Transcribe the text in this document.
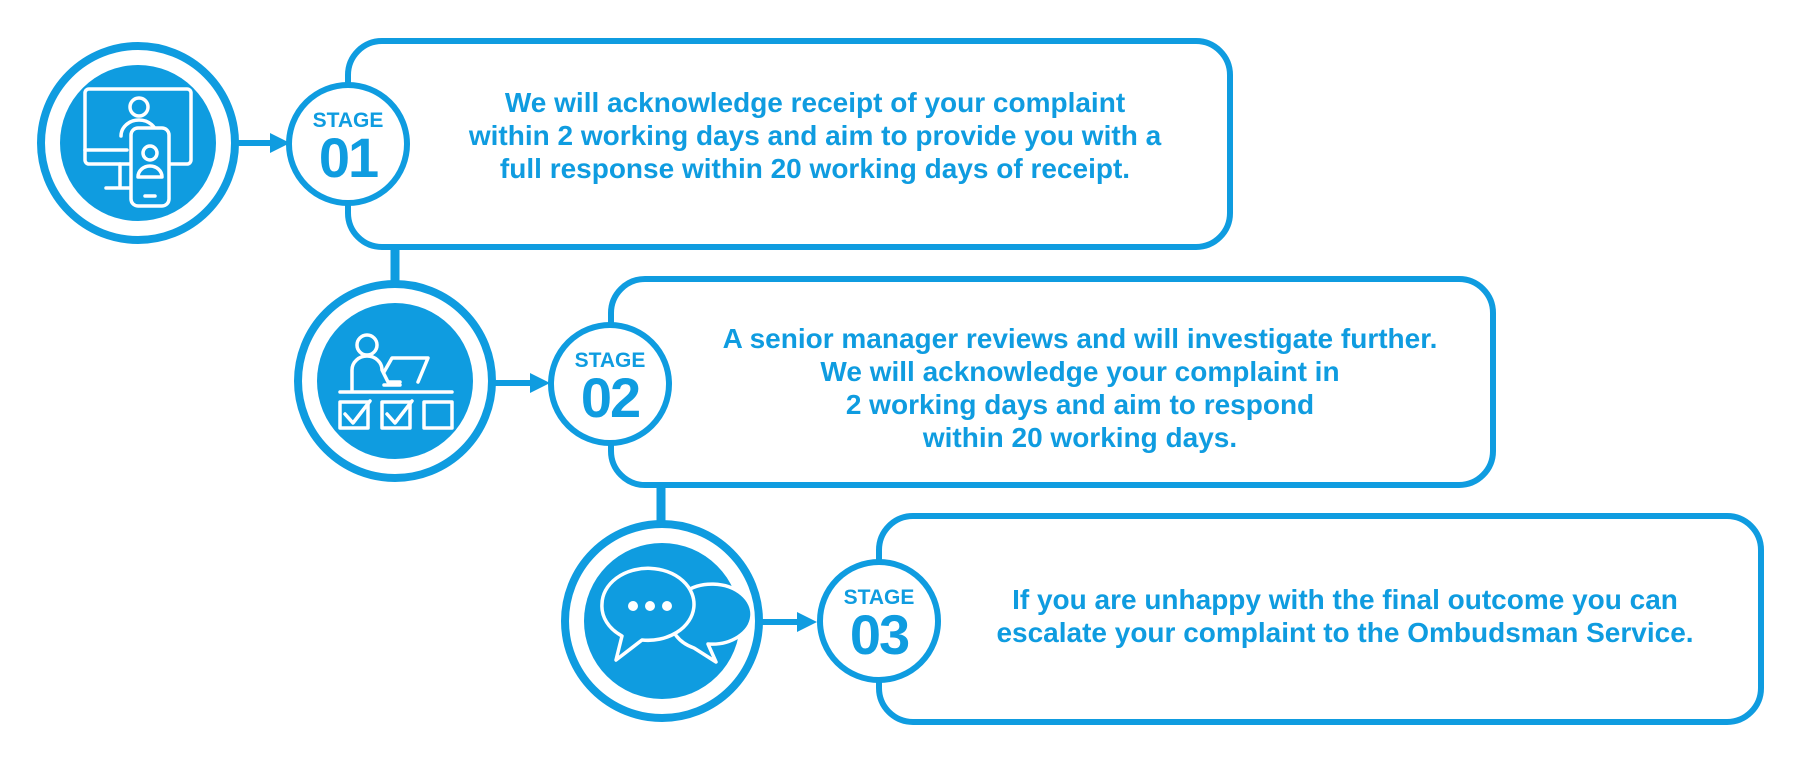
STAGE
01
We will acknowledge receipt of your complaint
within 2 working days and aim to provide you with a
full response within 20 working days of receipt.
STAGE
02
A senior manager reviews and will investigate further.
We will acknowledge your complaint in
2 working days and aim to respond
within 20 working days.
STAGE
03
If you are unhappy with the final outcome you can
escalate your complaint to the Ombudsman Service.
